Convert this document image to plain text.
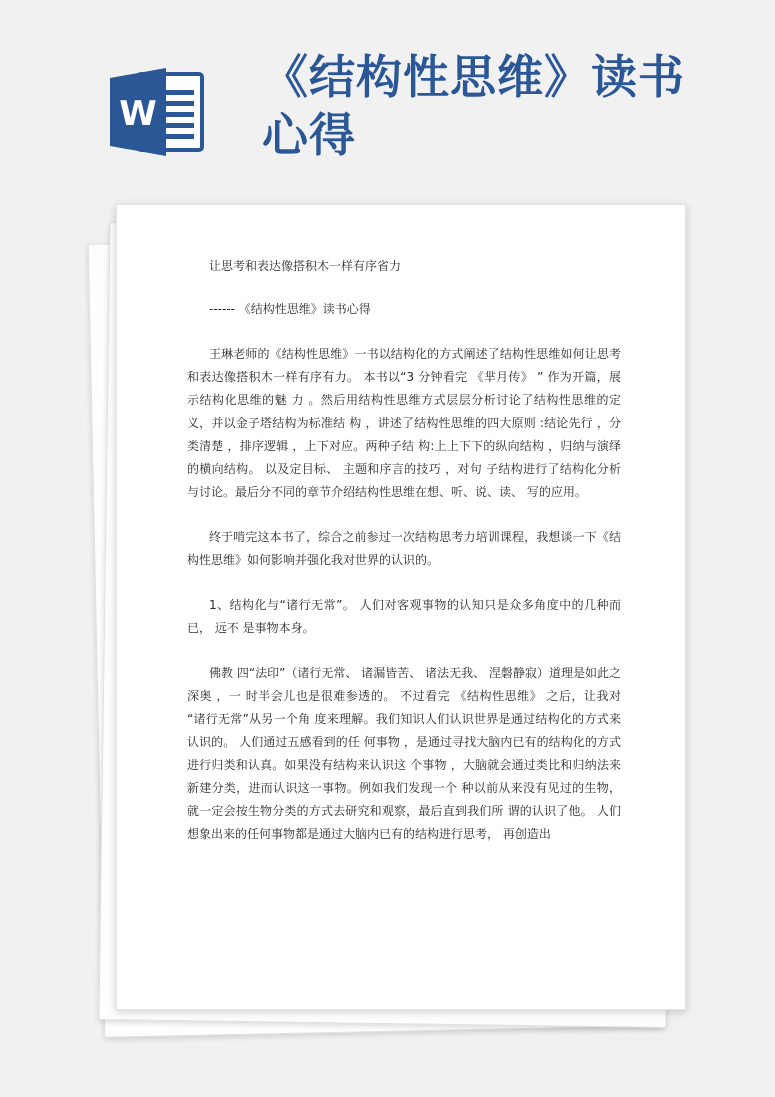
W
《结构性思维》读书心得

让思考和表达像搭积木一样有序省力

------ 《结构性思维》读书心得

王琳老师的《结构性思维》一书以结构化的方式阐述了结构性思维如何让思考和表达像搭积木一样有序有力。 本书以“3 分钟看完 《芈月传》 ” 作为开篇，展示结构化思维的魅 力 。然后用结构性思维方式层层分析讨论了结构性思维的定义，并以金子塔结构为标准结 构 ，讲述了结构性思维的四大原则 :结论先行 ，分类清楚 ，排序逻辑 ，上下对应。两种子结 构:上上下下的纵向结构 ，归纳与演绎的横向结构。 以及定目标、 主题和序言的技巧 ，对句 子结构进行了结构化分析与讨论。最后分不同的章节介绍结构性思维在想、听、说、读、 写的应用。

终于啃完这本书了，综合之前参过一次结构思考力培训课程，我想谈一下《结构性思维》如何影响并强化我对世界的认识的。

1、结构化与“诸行无常”。 人们对客观事物的认知只是众多角度中的几种而已， 远不 是事物本身。

佛教 四“法印”（诸行无常、 诸漏皆苦、 诸法无我、 涅磐静寂）道理是如此之深奥 ，一 时半会儿也是很难参透的。 不过看完 《结构性思维》 之后，让我对 “诸行无常”从另一个角 度来理解。我们知识人们认识世界是通过结构化的方式来认识的。 人们通过五感看到的任 何事物 ，是通过寻找大脑内已有的结构化的方式进行归类和认真。如果没有结构来认识这 个事物 ，大脑就会通过类比和归纳法来新建分类，进而认识这一事物。例如我们发现一个 种以前从来没有见过的生物， 就一定会按生物分类的方式去研究和观察，最后直到我们所 谓的认识了他。 人们想象出来的任何事物都是通过大脑内已有的结构进行思考， 再创造出
